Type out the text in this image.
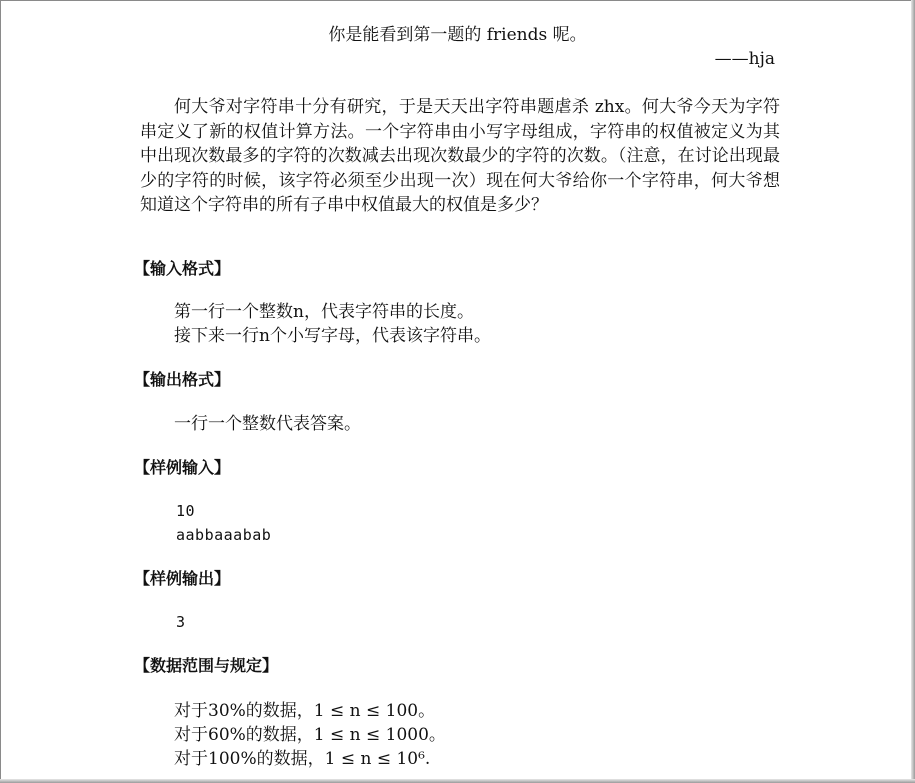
你是能看到第一题的 friends 呢。
——hja
何大爷对字符串十分有研究，于是天天出字符串题虐杀 zhx。何大爷今天为字符串定义了新的权值计算方法。一个字符串由小写字母组成，字符串的权值被定义为其中出现次数最多的字符的次数减去出现次数最少的字符的次数。（注意，在讨论出现最少的字符的时候，该字符必须至少出现一次）现在何大爷给你一个字符串，何大爷想知道这个字符串的所有子串中权值最大的权值是多少？
【输入格式】
第一行一个整数n，代表字符串的长度。
接下来一行n个小写字母，代表该字符串。
【输出格式】
一行一个整数代表答案。
【样例输入】
10
aabbaaabab
【样例输出】
3
【数据范围与规定】
对于30%的数据，1 ≤ n ≤ 100。
对于60%的数据，1 ≤ n ≤ 1000。
对于100%的数据，1 ≤ n ≤ 10⁶.
